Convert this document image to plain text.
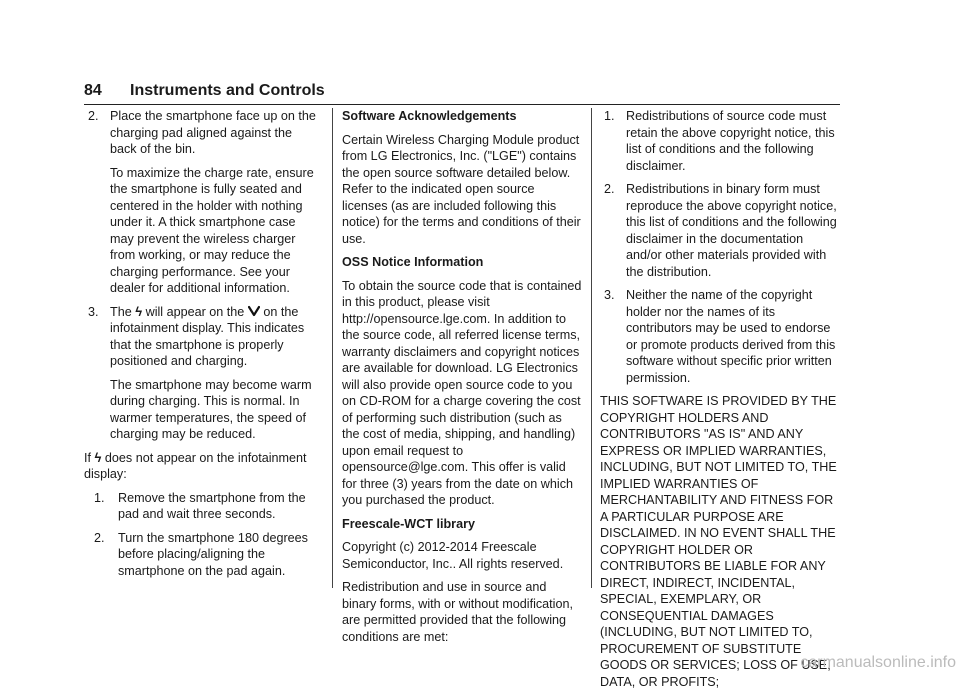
84 Instruments and Controls
2. Place the smartphone face up on the charging pad aligned against the back of the bin.

To maximize the charge rate, ensure the smartphone is fully seated and centered in the holder with nothing under it. A thick smartphone case may prevent the wireless charger from working, or may reduce the charging performance. See your dealer for additional information.

3. The ϟ will appear on the on the infotainment display. This indicates that the smartphone is properly positioned and charging.

The smartphone may become warm during charging. This is normal. In warmer temperatures, the speed of charging may be reduced.

If ϟ does not appear on the infotainment display:

1. Remove the smartphone from the pad and wait three seconds.
2. Turn the smartphone 180 degrees before placing/aligning the smartphone on the pad again.

Software Acknowledgements

Certain Wireless Charging Module product from LG Electronics, Inc. ("LGE") contains the open source software detailed below. Refer to the indicated open source licenses (as are included following this notice) for the terms and conditions of their use.

OSS Notice Information

To obtain the source code that is contained in this product, please visit http://opensource.lge.com. In addition to the source code, all referred license terms, warranty disclaimers and copyright notices are available for download. LG Electronics will also provide open source code to you on CD-ROM for a charge covering the cost of performing such distribution (such as the cost of media, shipping, and handling) upon email request to opensource@lge.com. This offer is valid for three (3) years from the date on which you purchased the product.

Freescale-WCT library

Copyright (c) 2012-2014 Freescale Semiconductor, Inc.. All rights reserved.

Redistribution and use in source and binary forms, with or without modification, are permitted provided that the following conditions are met:

1. Redistributions of source code must retain the above copyright notice, this list of conditions and the following disclaimer.
2. Redistributions in binary form must reproduce the above copyright notice, this list of conditions and the following disclaimer in the documentation and/or other materials provided with the distribution.
3. Neither the name of the copyright holder nor the names of its contributors may be used to endorse or promote products derived from this software without specific prior written permission.

THIS SOFTWARE IS PROVIDED BY THE COPYRIGHT HOLDERS AND CONTRIBUTORS "AS IS" AND ANY EXPRESS OR IMPLIED WARRANTIES, INCLUDING, BUT NOT LIMITED TO, THE IMPLIED WARRANTIES OF MERCHANTABILITY AND FITNESS FOR A PARTICULAR PURPOSE ARE DISCLAIMED. IN NO EVENT SHALL THE COPYRIGHT HOLDER OR CONTRIBUTORS BE LIABLE FOR ANY DIRECT, INDIRECT, INCIDENTAL, SPECIAL, EXEMPLARY, OR CONSEQUENTIAL DAMAGES (INCLUDING, BUT NOT LIMITED TO, PROCUREMENT OF SUBSTITUTE GOODS OR SERVICES; LOSS OF USE, DATA, OR PROFITS;

carmanualsonline.info
